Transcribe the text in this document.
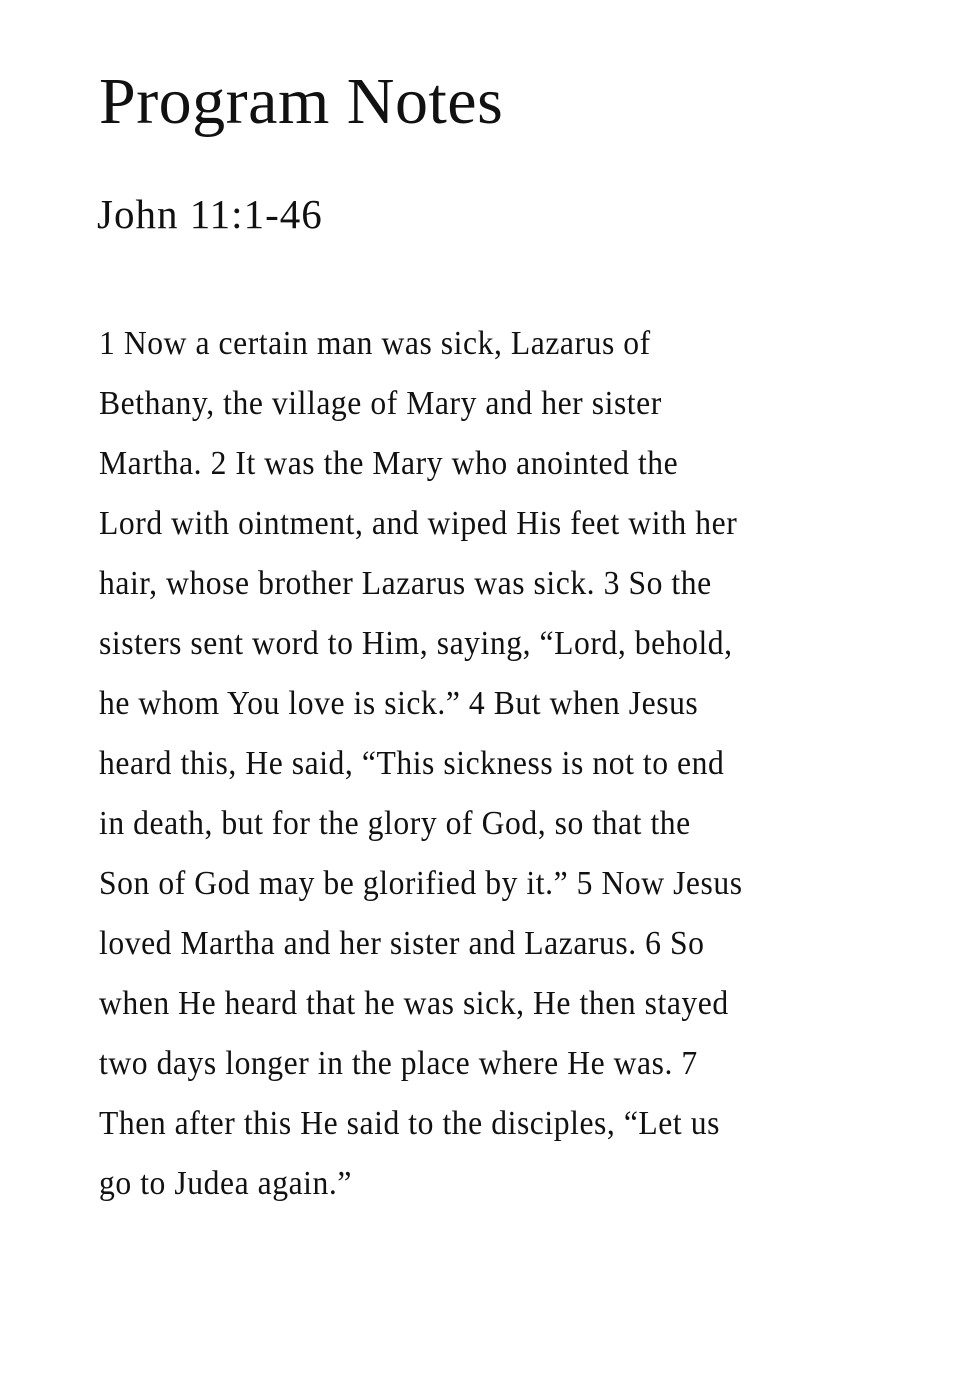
Program Notes
John 11:1-46
1 Now a certain man was sick, Lazarus of
Bethany, the village of Mary and her sister
Martha. 2 It was the Mary who anointed the
Lord with ointment, and wiped His feet with her
hair, whose brother Lazarus was sick. 3 So the
sisters sent word to Him, saying, “Lord, behold,
he whom You love is sick.” 4 But when Jesus
heard this, He said, “This sickness is not to end
in death, but for the glory of God, so that the
Son of God may be glorified by it.” 5 Now Jesus
loved Martha and her sister and Lazarus. 6 So
when He heard that he was sick, He then stayed
two days longer in the place where He was. 7
Then after this He said to the disciples, “Let us
go to Judea again.”
